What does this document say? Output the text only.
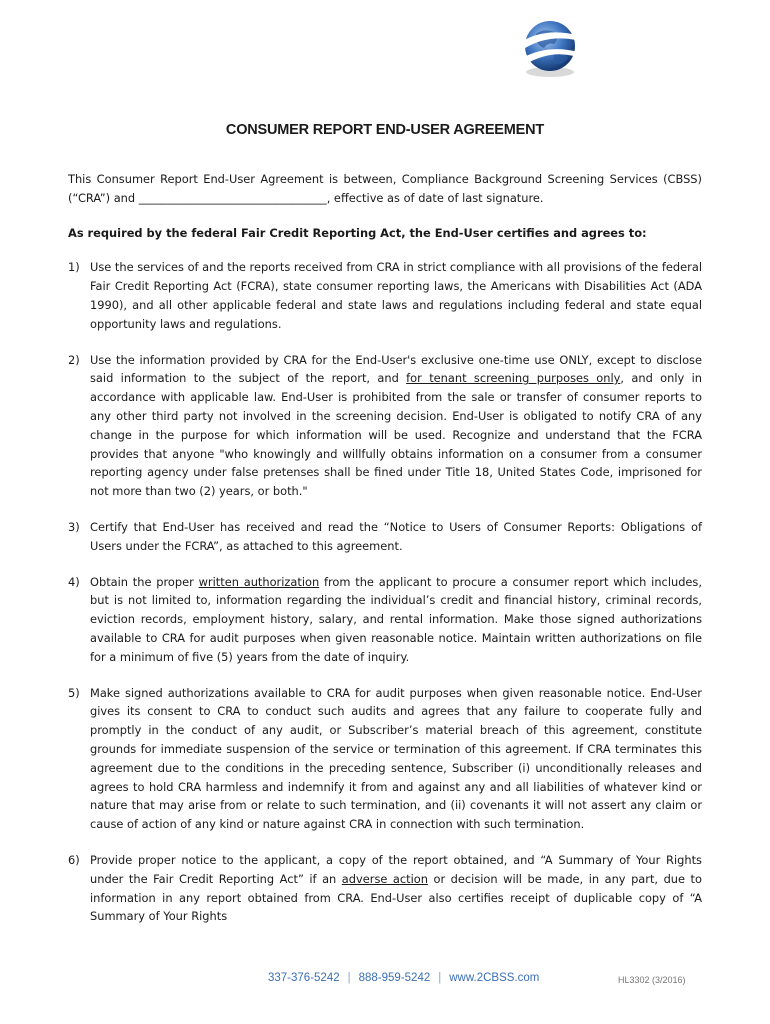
CONSUMER REPORT END-USER AGREEMENT

This Consumer Report End-User Agreement is between, Compliance Background Screening Services (CBSS) (“CRA”) and _________________________________, effective as of date of last signature.

As required by the federal Fair Credit Reporting Act, the End-User certifies and agrees to:

1) Use the services of and the reports received from CRA in strict compliance with all provisions of the federal Fair Credit Reporting Act (FCRA), state consumer reporting laws, the Americans with Disabilities Act (ADA 1990), and all other applicable federal and state laws and regulations including federal and state equal opportunity laws and regulations.
2) Use the information provided by CRA for the End-User's exclusive one-time use ONLY, except to disclose said information to the subject of the report, and for tenant screening purposes only, and only in accordance with applicable law. End-User is prohibited from the sale or transfer of consumer reports to any other third party not involved in the screening decision. End-User is obligated to notify CRA of any change in the purpose for which information will be used. Recognize and understand that the FCRA provides that anyone "who knowingly and willfully obtains information on a consumer from a consumer reporting agency under false pretenses shall be fined under Title 18, United States Code, imprisoned for not more than two (2) years, or both."
3) Certify that End-User has received and read the “Notice to Users of Consumer Reports: Obligations of Users under the FCRA”, as attached to this agreement.
4) Obtain the proper written authorization from the applicant to procure a consumer report which includes, but is not limited to, information regarding the individual’s credit and financial history, criminal records, eviction records, employment history, salary, and rental information. Make those signed authorizations available to CRA for audit purposes when given reasonable notice. Maintain written authorizations on file for a minimum of five (5) years from the date of inquiry.
5) Make signed authorizations available to CRA for audit purposes when given reasonable notice. End-User gives its consent to CRA to conduct such audits and agrees that any failure to cooperate fully and promptly in the conduct of any audit, or Subscriber’s material breach of this agreement, constitute grounds for immediate suspension of the service or termination of this agreement. If CRA terminates this agreement due to the conditions in the preceding sentence, Subscriber (i) unconditionally releases and agrees to hold CRA harmless and indemnify it from and against any and all liabilities of whatever kind or nature that may arise from or relate to such termination, and (ii) covenants it will not assert any claim or cause of action of any kind or nature against CRA in connection with such termination.
6) Provide proper notice to the applicant, a copy of the report obtained, and “A Summary of Your Rights under the Fair Credit Reporting Act” if an adverse action or decision will be made, in any part, due to information in any report obtained from CRA. End-User also certifies receipt of duplicable copy of “A Summary of Your Rights
337-376-5242 | 888-959-5242 | www.2CBSS.com	HL3302 (3/2016)
